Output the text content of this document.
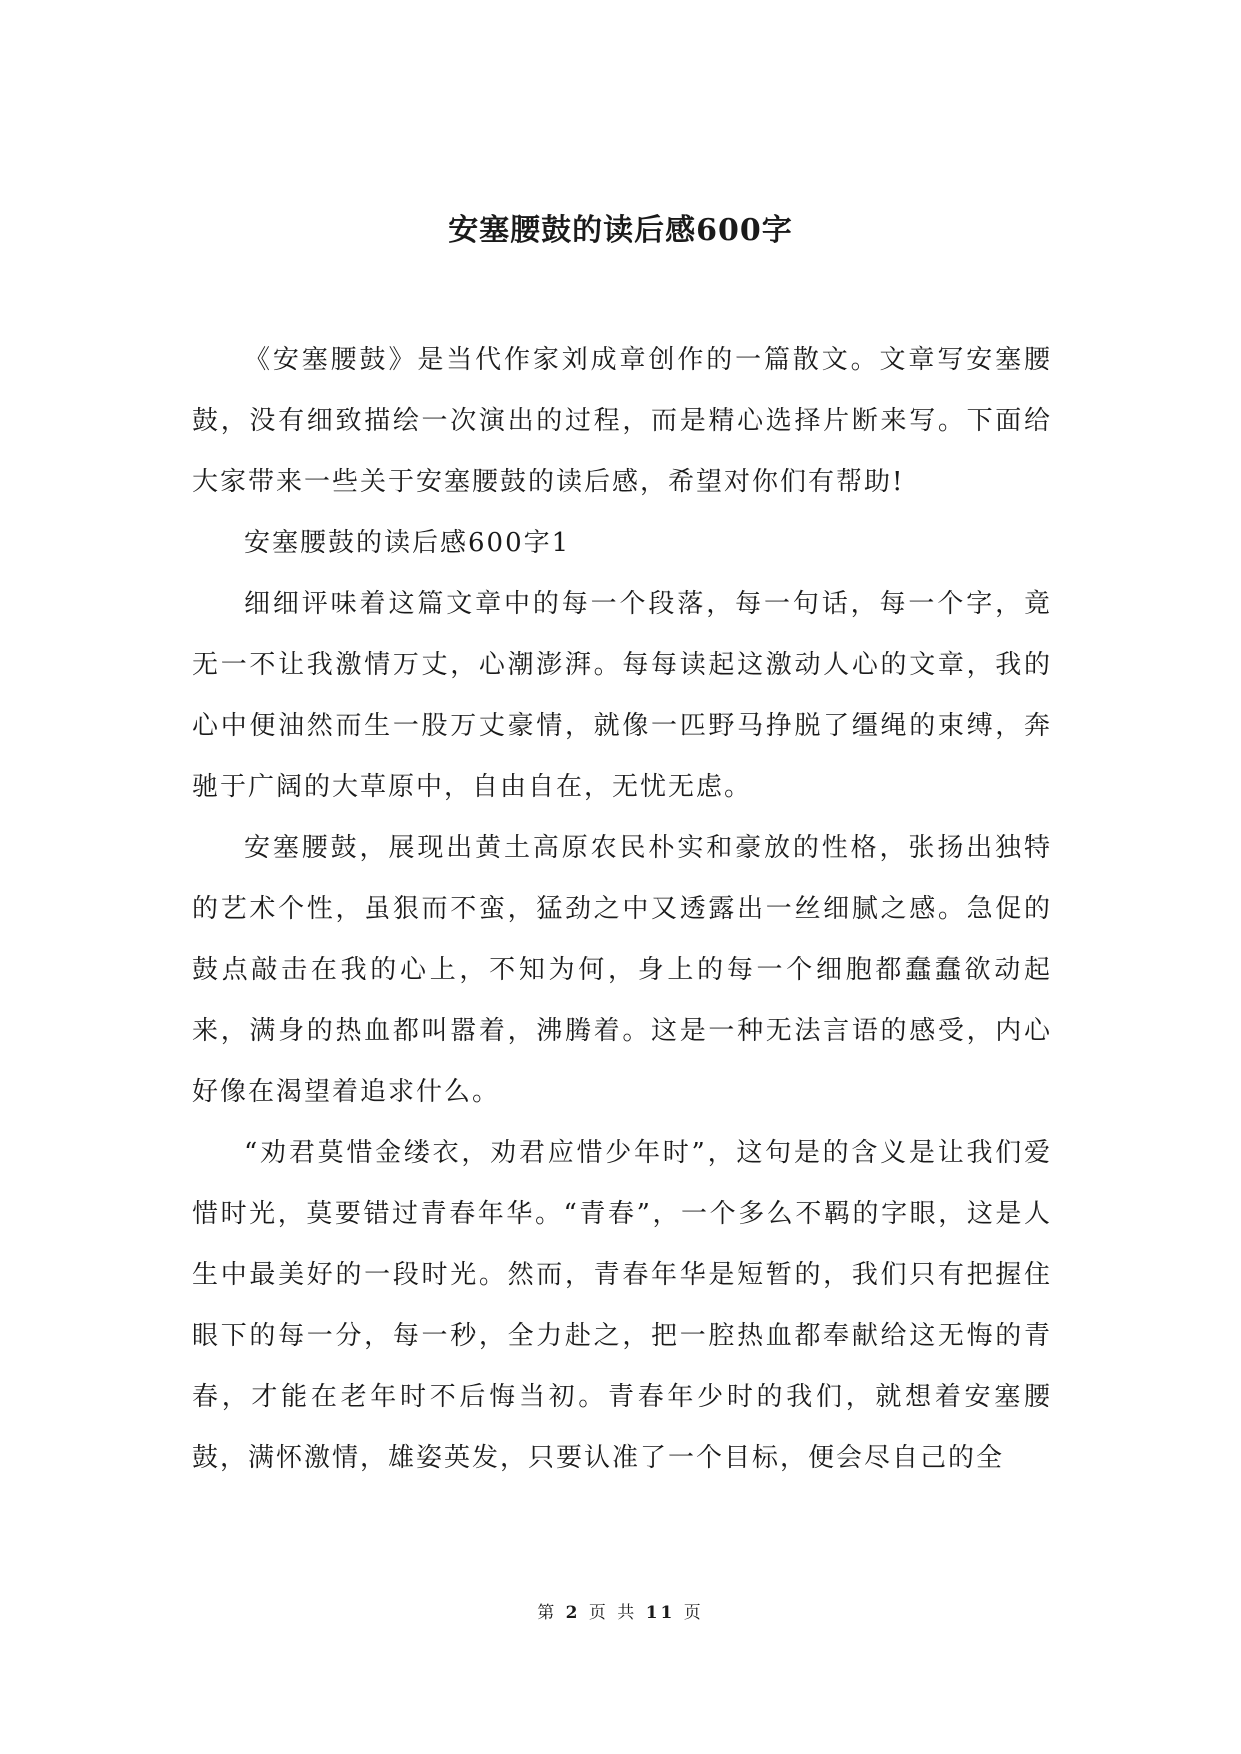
安塞腰鼓的读后感600字

《安塞腰鼓》是当代作家刘成章创作的一篇散文。文章写安塞腰鼓，没有细致描绘一次演出的过程，而是精心选择片断来写。下面给大家带来一些关于安塞腰鼓的读后感，希望对你们有帮助!

安塞腰鼓的读后感600字1

细细评味着这篇文章中的每一个段落，每一句话，每一个字，竟无一不让我激情万丈，心潮澎湃。每每读起这激动人心的文章，我的心中便油然而生一股万丈豪情，就像一匹野马挣脱了缰绳的束缚，奔驰于广阔的大草原中，自由自在，无忧无虑。

安塞腰鼓，展现出黄土高原农民朴实和豪放的性格，张扬出独特的艺术个性，虽狠而不蛮，猛劲之中又透露出一丝细腻之感。急促的鼓点敲击在我的心上，不知为何，身上的每一个细胞都蠢蠢欲动起来，满身的热血都叫嚣着，沸腾着。这是一种无法言语的感受，内心好像在渴望着追求什么。

“劝君莫惜金缕衣，劝君应惜少年时”，这句是的含义是让我们爱惜时光，莫要错过青春年华。“青春”，一个多么不羁的字眼，这是人生中最美好的一段时光。然而，青春年华是短暂的，我们只有把握住眼下的每一分，每一秒，全力赴之，把一腔热血都奉献给这无悔的青春，才能在老年时不后悔当初。青春年少时的我们，就想着安塞腰鼓，满怀激情，雄姿英发，只要认准了一个目标，便会尽自己的全

第 2 页 共 11 页
